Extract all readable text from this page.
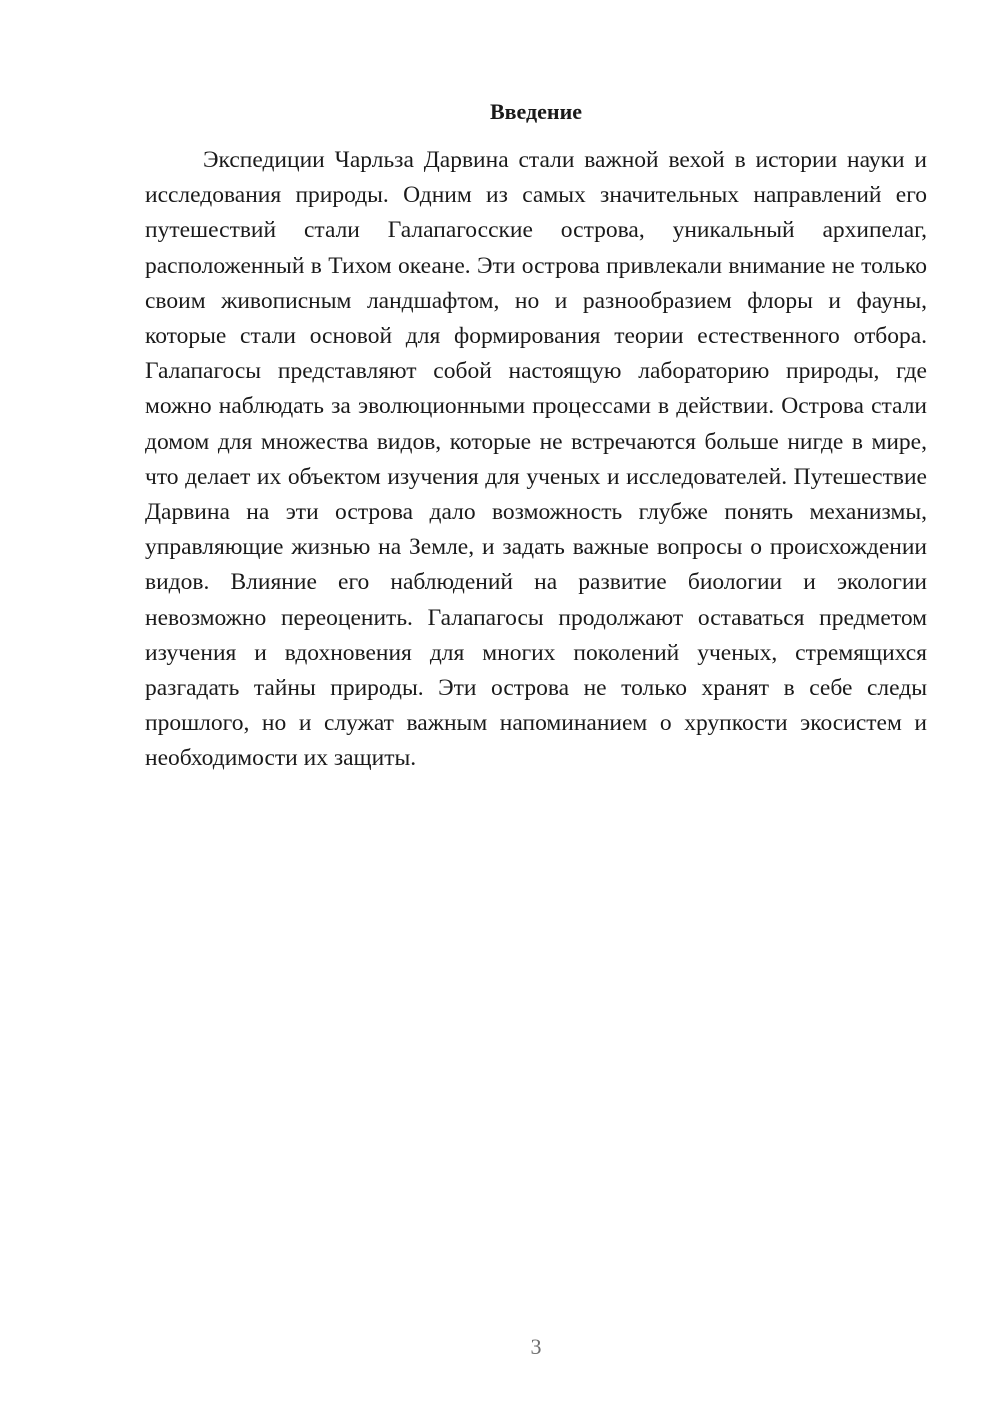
Введение

Экспедиции Чарльза Дарвина стали важной вехой в истории науки и исследования природы. Одним из самых значительных направлений его путешествий стали Галапагосские острова, уникальный архипелаг, расположенный в Тихом океане. Эти острова привлекали внимание не только своим живописным ландшафтом, но и разнообразием флоры и фауны, которые стали основой для формирования теории естественного отбора. Галапагосы представляют собой настоящую лабораторию природы, где можно наблюдать за эволюционными процессами в действии. Острова стали домом для множества видов, которые не встречаются больше нигде в мире, что делает их объектом изучения для ученых и исследователей. Путешествие Дарвина на эти острова дало возможность глубже понять механизмы, управляющие жизнью на Земле, и задать важные вопросы о происхождении видов. Влияние его наблюдений на развитие биологии и экологии невозможно переоценить. Галапагосы продолжают оставаться предметом изучения и вдохновения для многих поколений ученых, стремящихся разгадать тайны природы. Эти острова не только хранят в себе следы прошлого, но и служат важным напоминанием о хрупкости экосистем и необходимости их защиты.

3
